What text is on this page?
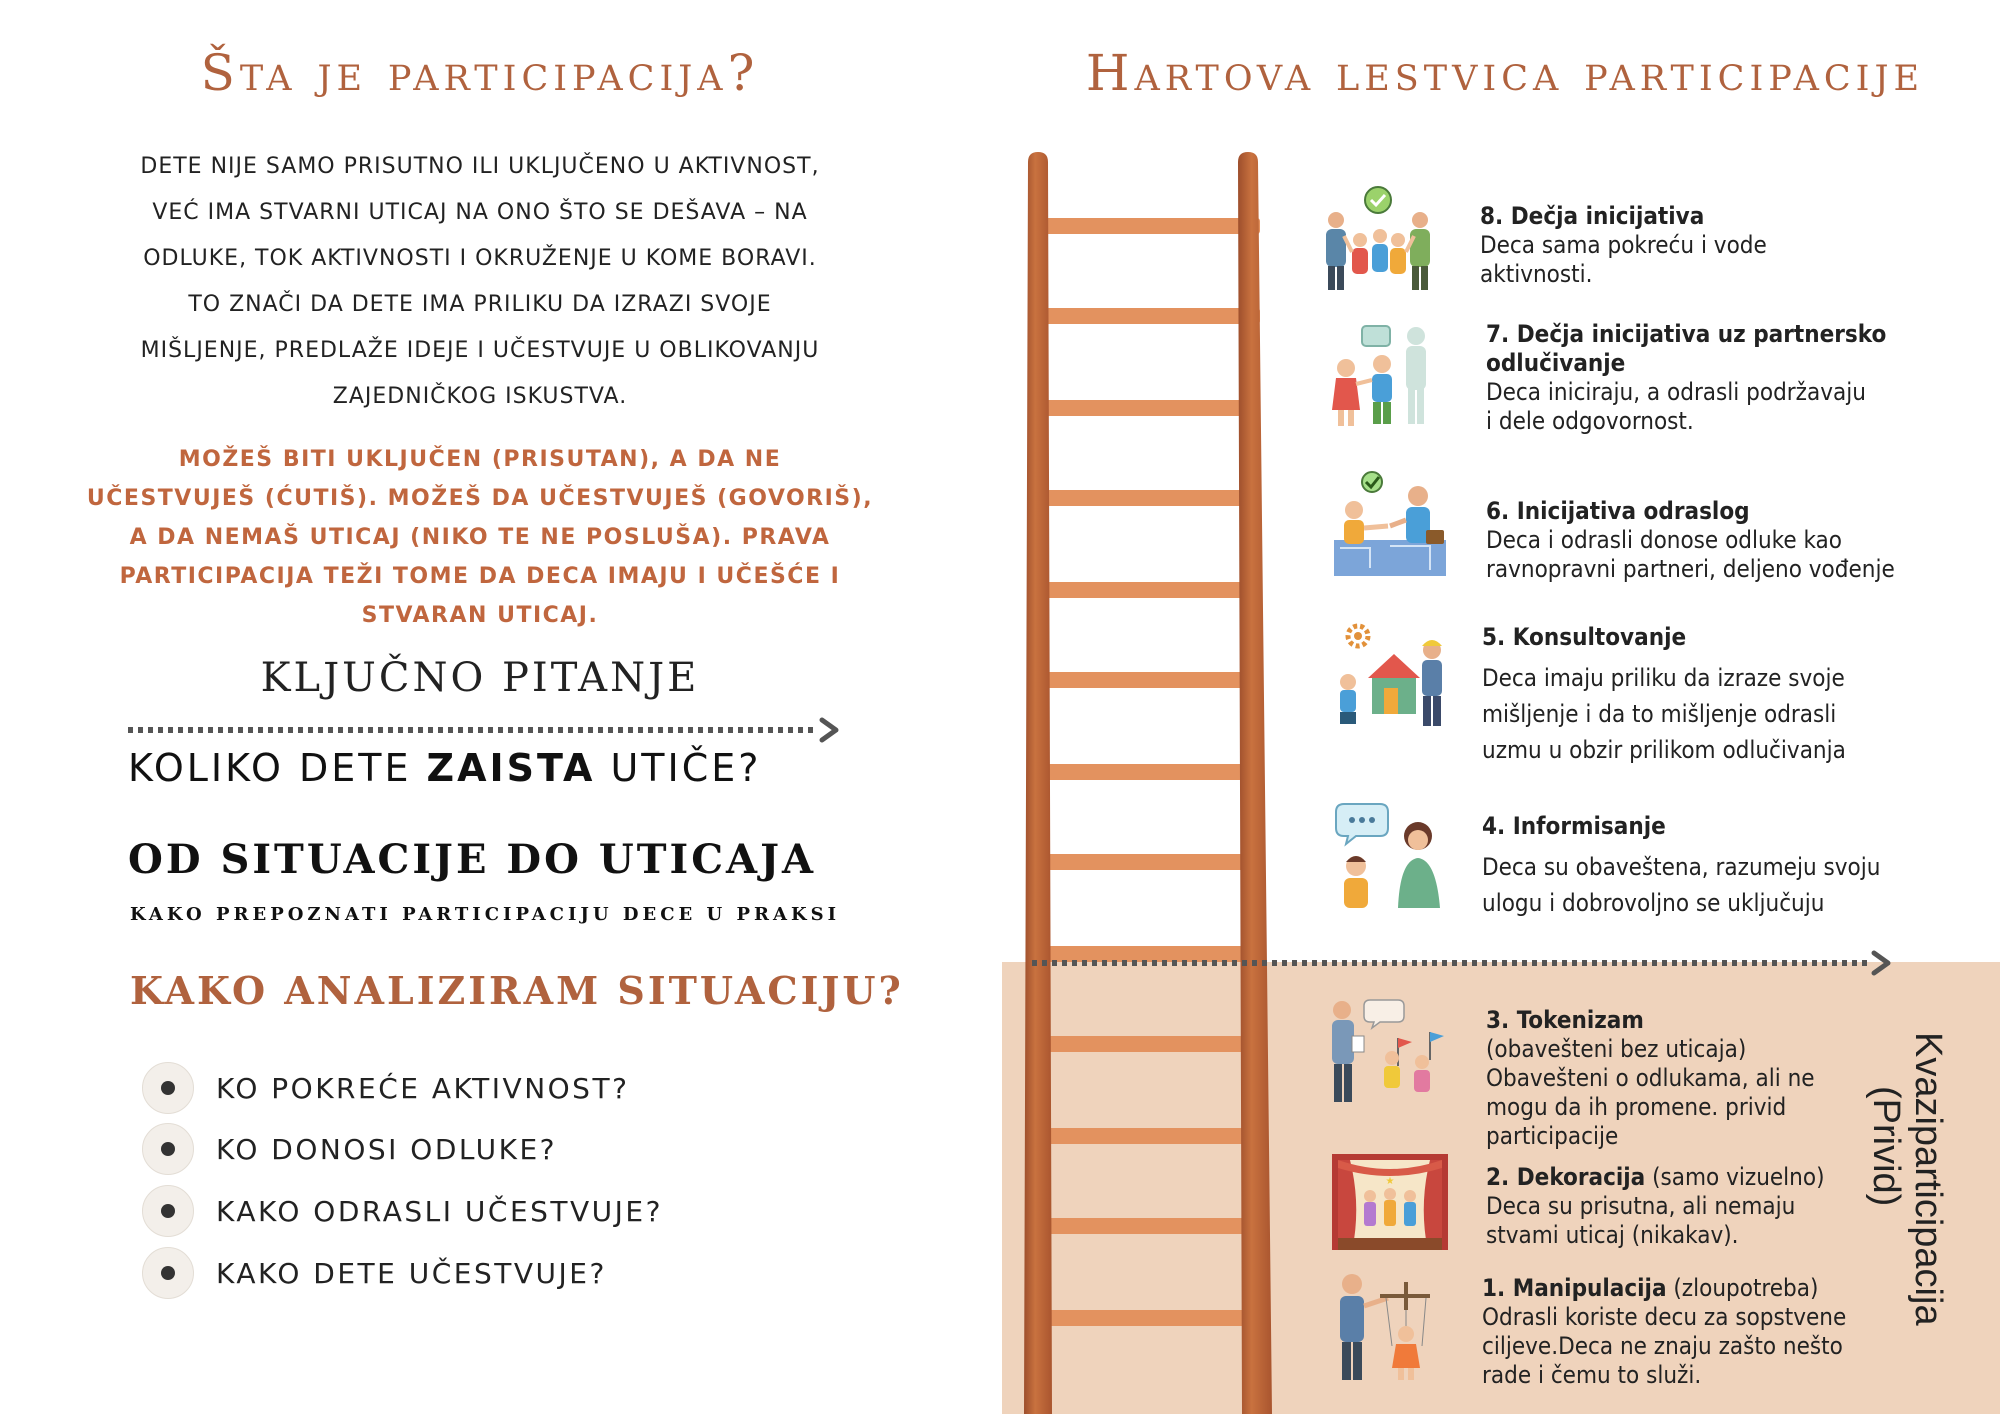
Šta je participacija?
DETE NIJE SAMO PRISUTNO ILI UKLJUČENO U AKTIVNOST,
VEĆ IMA STVARNI UTICAJ NA ONO ŠTO SE DEŠAVA – NA
ODLUKE, TOK AKTIVNOSTI I OKRUŽENJE U KOME BORAVI.
TO ZNAČI DA DETE IMA PRILIKU DA IZRAZI SVOJE
MIŠLJENJE, PREDLAŽE IDEJE I UČESTVUJE U OBLIKOVANJU
ZAJEDNIČKOG ISKUSTVA.
MOŽEŠ BITI UKLJUČEN (PRISUTAN), A DA NE
UČESTVUJEŠ (ĆUTIŠ). MOŽEŠ DA UČESTVUJEŠ (GOVORIŠ),
A DA NEMAŠ UTICAJ (NIKO TE NE POSLUŠA). PRAVA
PARTICIPACIJA TEŽI TOME DA DECA IMAJU I UČEŠĆE I
STVARAN UTICAJ.
KLJUČNO PITANJE
KOLIKO DETE ZAISTA UTIČE?
OD SITUACIJE DO UTICAJA
KAKO PREPOZNATI PARTICIPACIJU DECE U PRAKSI
KAKO ANALIZIRAM SITUACIJU?
KO POKREĆE AKTIVNOST?
KO DONOSI ODLUKE?
KAKO ODRASLI UČESTVUJE?
KAKO DETE UČESTVUJE?
Hartova lestvica participacije
8. Dečja inicijativa
Deca sama pokreću i vode
aktivnosti.
7. Dečja inicijativa uz partnersko
odlučivanje
Deca iniciraju, a odrasli podržavaju
i dele odgovornost.
6. Inicijativa odraslog
Deca i odrasli donose odluke kao
ravnopravni partneri, deljeno vođenje
5. Konsultovanje
Deca imaju priliku da izraze svoje
mišljenje i da to mišljenje odrasli
uzmu u obzir prilikom odlučivanja
4. Informisanje
Deca su obaveštena, razumeju svoju
ulogu i dobrovoljno se uključuju
3. Tokenizam
(obavešteni bez uticaja)
Obavešteni o odlukama, ali ne
mogu da ih promene. privid
participacije
★	2. Dekoracija (samo vizuelno)
Deca su prisutna, ali nemaju
stvami uticaj (nikakav).
1. Manipulacija (zloupotreba)
Odrasli koriste decu za sopstvene
ciljeve.Deca ne znaju zašto nešto
rade i čemu to služi.
Kvaziparticipacija
(Privid)
